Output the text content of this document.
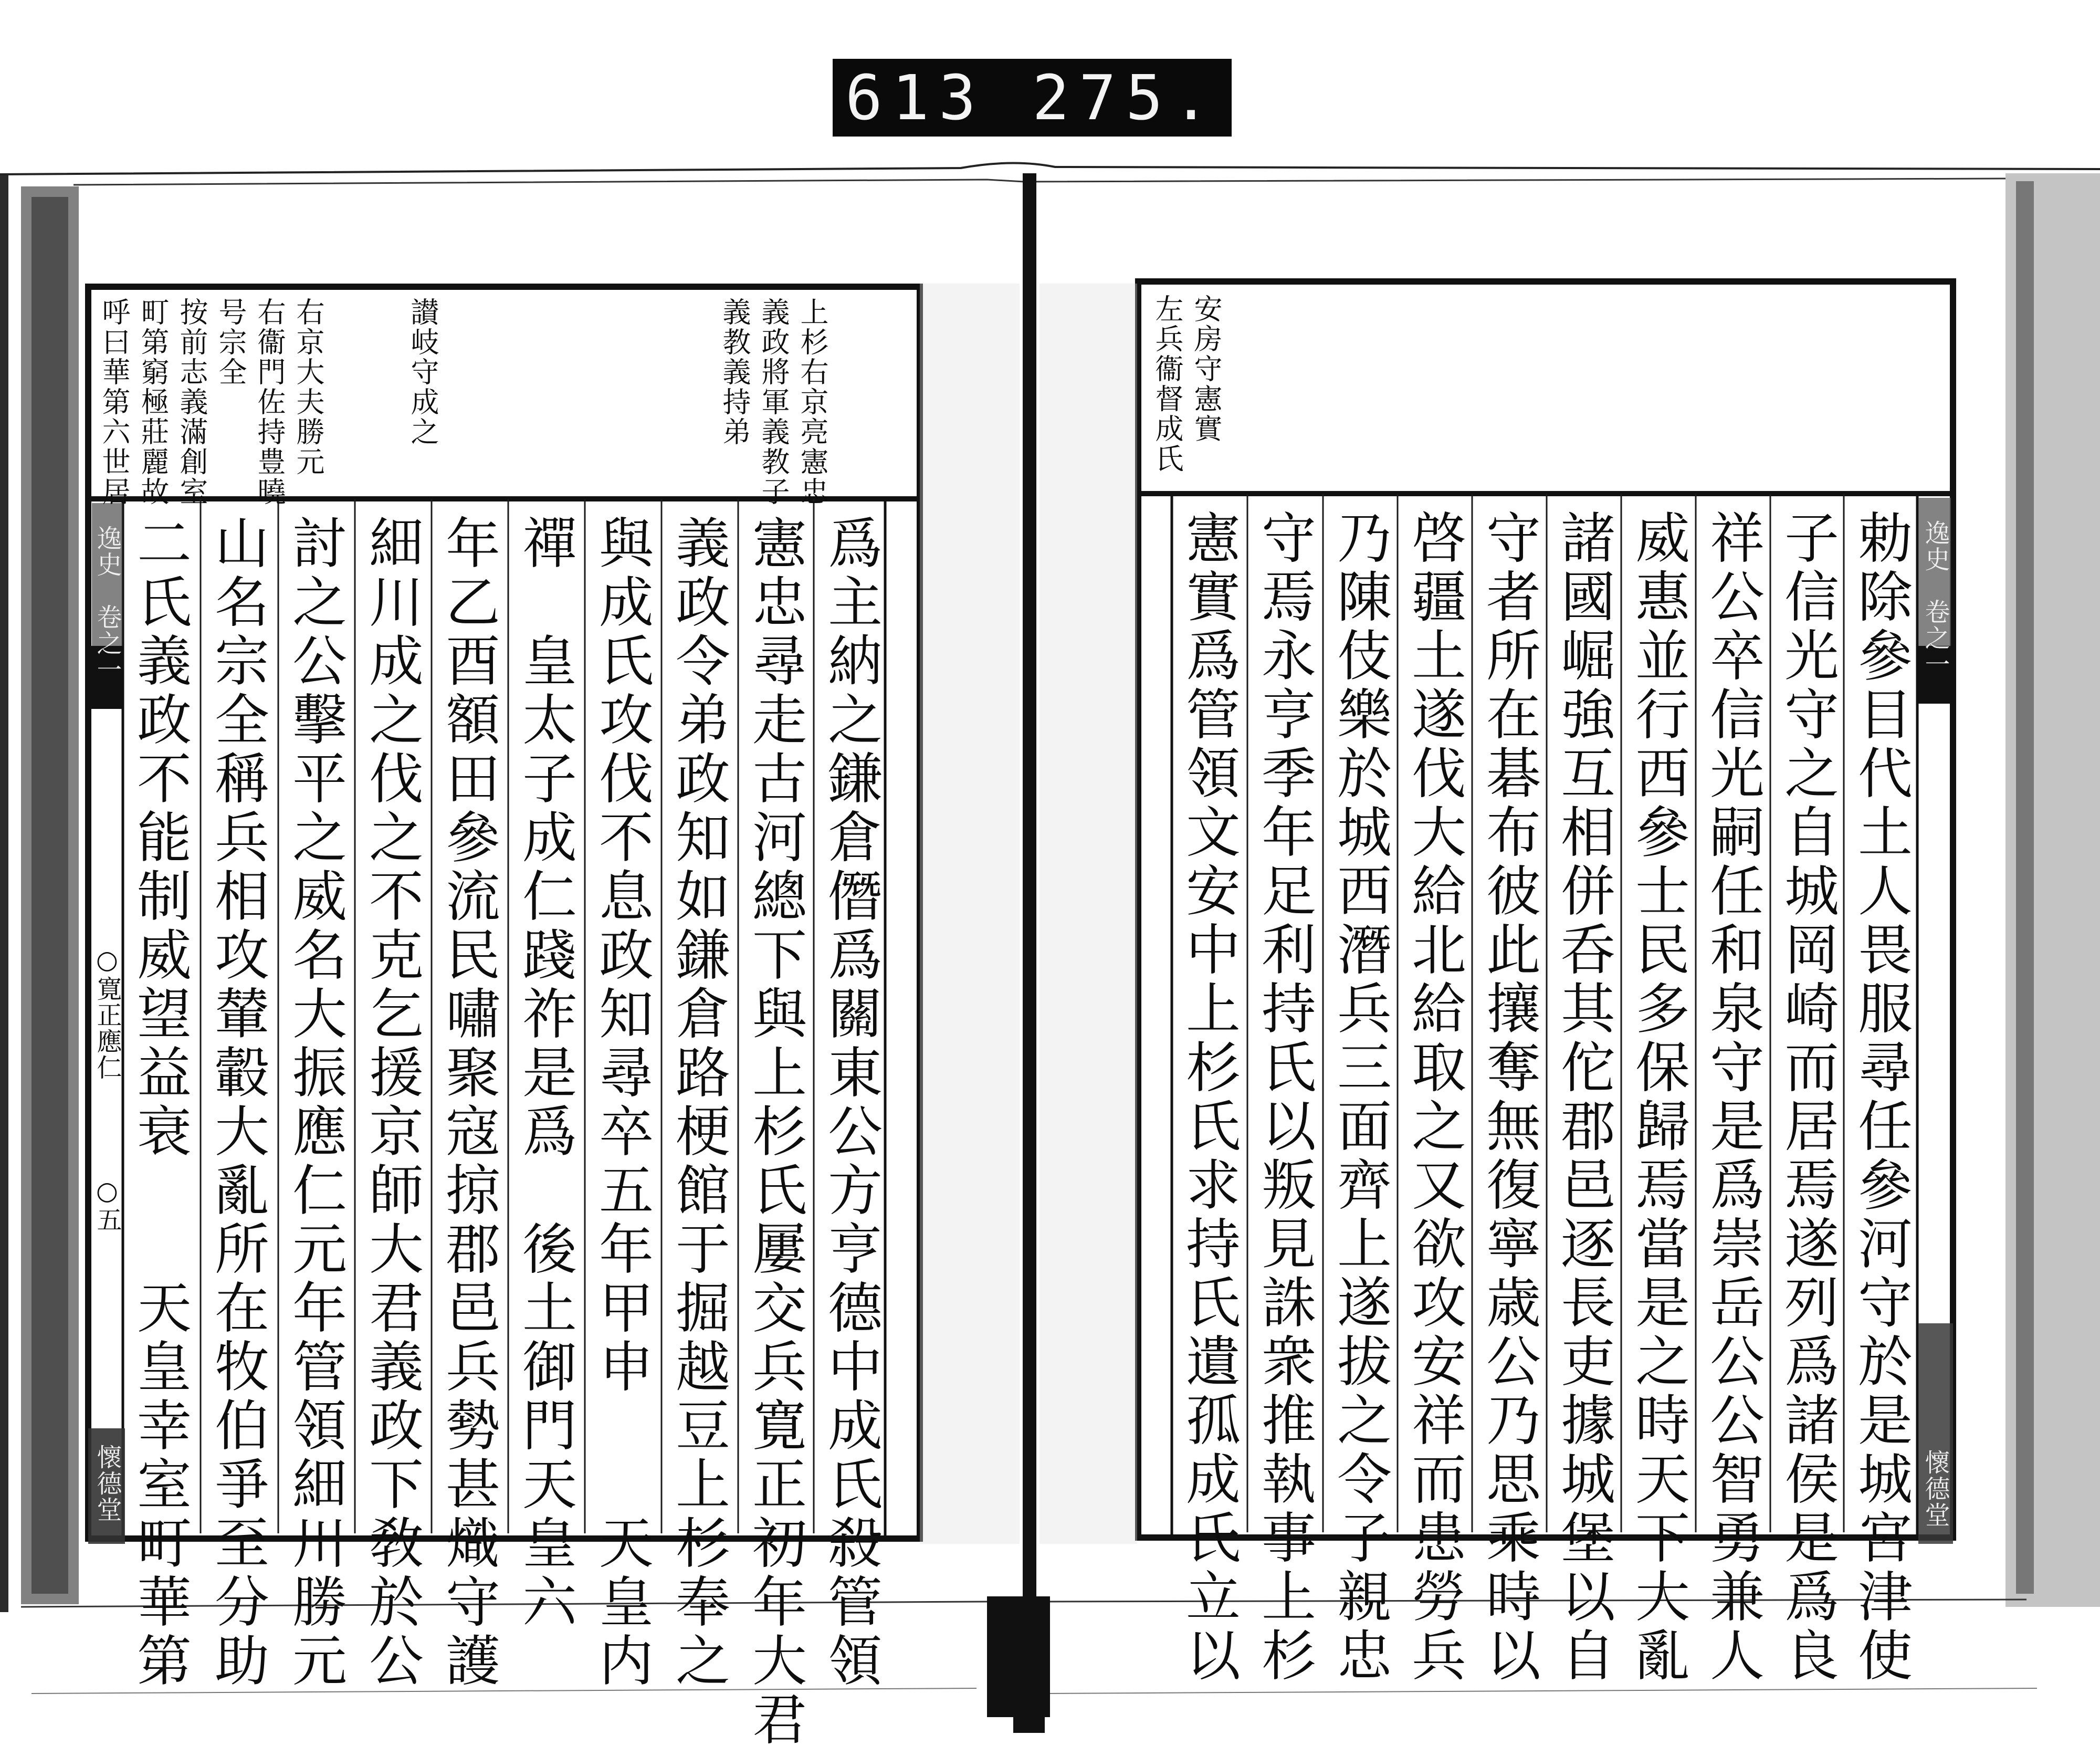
613 275.
上杉右京亮憲忠
義政將軍義教子
義教義持弟
讃岐守成之
右京大夫勝元
右衞門佐持豊曉
号宗全
按前志義滿創室
町第窮極莊麗故
呼曰華第六世居
爲主納之鎌倉僭爲關東公方亨德中成氏殺管領
憲忠尋走古河總下與上杉氏屢交兵寛正初年大君
義政令弟政知如鎌倉路梗館于掘越豆上杉奉之
與成氏攻伐不息政知尋卒五年甲申　　天皇内
禪　皇太子成仁踐祚是爲　後土御門天皇六
年乙酉額田參流民嘯聚寇掠郡邑兵勢甚熾守護
細川成之伐之不克乞援京師大君義政下敎於公
討之公擊平之威名大振應仁元年管領細川勝元
山名宗全稱兵相攻輦轂大亂所在牧伯爭至分助
二氏義政不能制威望益衰　　天皇幸室町華第
逸史　卷之一
○寛正應仁
○五
懷德堂
安房守憲實
左兵衞督成氏
勅除參目代土人畏服尋任參河守於是城宮津使
子信光守之自城岡崎而居焉遂列爲諸侯是爲良
祥公卒信光嗣任和泉守是爲崇岳公公智勇兼人
威惠並行西參士民多保歸焉當是之時天下大亂
諸國崛強互相併呑其佗郡邑逐長吏據城堡以自
守者所在碁布彼此攘奪無復寧歳公乃思乘時以
啓疆土遂伐大給北給取之又欲攻安祥而患勞兵
乃陳伎樂於城西潛兵三面齊上遂拔之令子親忠
守焉永亨季年足利持氏以叛見誅衆推執事上杉
憲實爲管領文安中上杉氏求持氏遺孤成氏立以	逸史　卷之一
懷德堂
